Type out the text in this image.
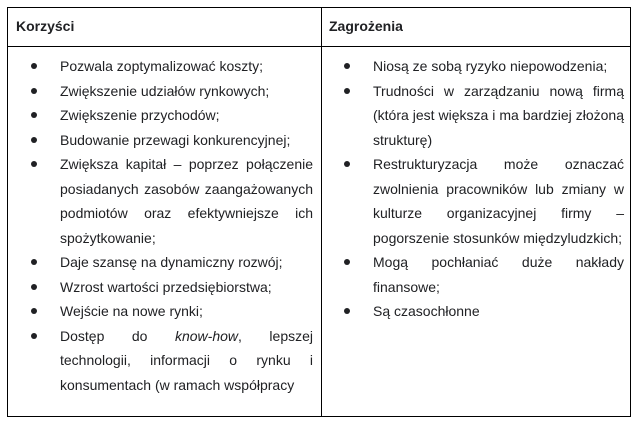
Korzyści	Zagrożenia
Pozwala zoptymalizować koszty;
Zwiększenie udziałów rynkowych;
Zwiększenie przychodów;
Budowanie przewagi konkurencyjnej;
Zwiększa kapitał – poprzez połączenie posiadanych zasobów zaangażowanych podmiotów oraz efektywniejsze ich spożytkowanie;
Daje szansę na dynamiczny rozwój;
Wzrost wartości przedsiębiorstwa;
Wejście na nowe rynki;
Dostęp do know-how, lepszej technologii, informacji o rynku i konsumentach (w ramach współpracy
Niosą ze sobą ryzyko niepowodzenia;
Trudności w zarządzaniu nową firmą (która jest większa i ma bardziej złożoną strukturę)
Restrukturyzacja może oznaczać zwolnienia pracowników lub zmiany w kulturze organizacyjnej firmy – pogorszenie stosunków międzyludzkich;
Mogą pochłaniać duże nakłady finansowe;
Są czasochłonne
